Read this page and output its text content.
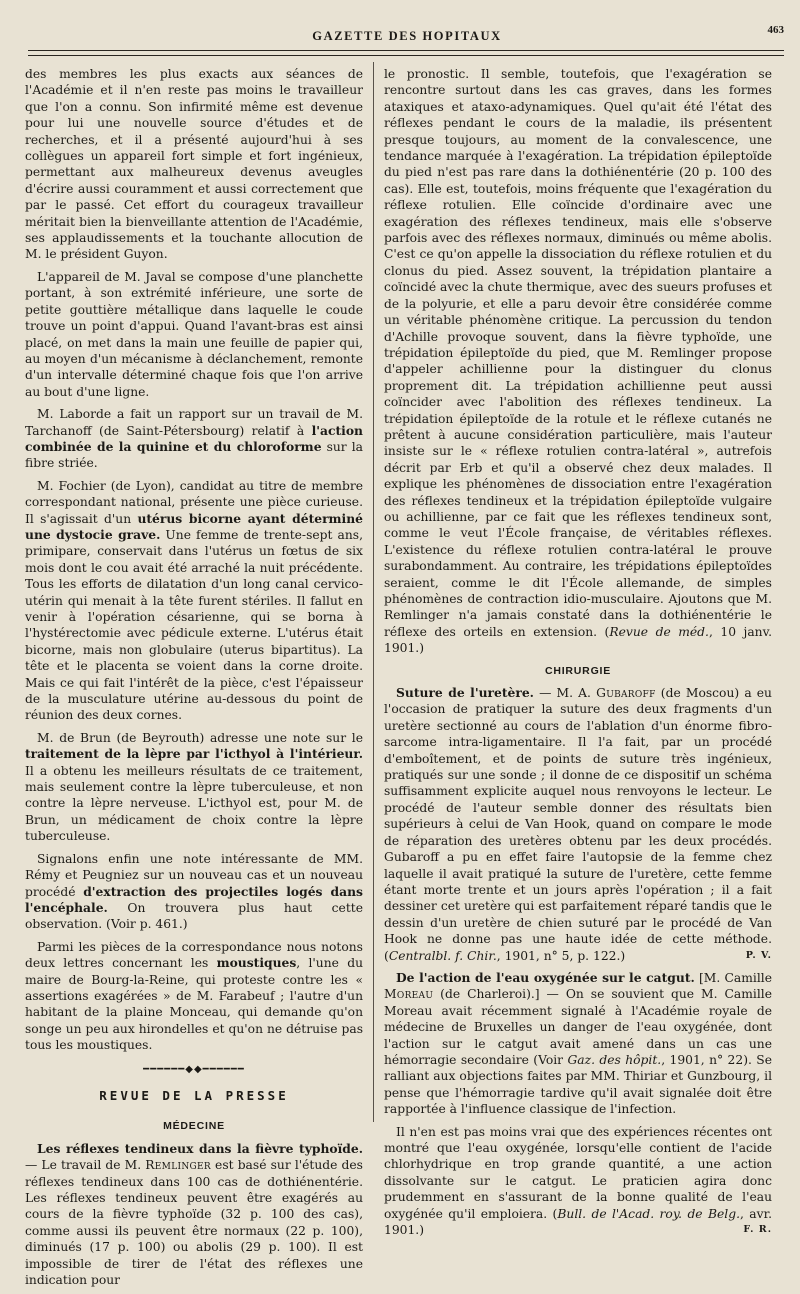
GAZETTE DES HOPITAUX	463

des membres les plus exacts aux séances de l'Académie et il n'en reste pas moins le travailleur que l'on a connu. Son infirmité même est devenue pour lui une nouvelle source d'études et de recherches, et il a présenté aujourd'hui à ses collègues un appareil fort simple et fort ingénieux, permettant aux malheureux devenus aveugles d'écrire aussi couramment et aussi correctement que par le passé. Cet effort du courageux travailleur méritait bien la bienveillante attention de l'Académie, ses applaudissements et la touchante allocution de M. le président Guyon.

L'appareil de M. Javal se compose d'une planchette portant, à son extrémité inférieure, une sorte de petite gouttière métallique dans laquelle le coude trouve un point d'appui. Quand l'avant-bras est ainsi placé, on met dans la main une feuille de papier qui, au moyen d'un mécanisme à déclanchement, remonte d'un intervalle déterminé chaque fois que l'on arrive au bout d'une ligne.

M. Laborde a fait un rapport sur un travail de M. Tarchanoff (de Saint-Pétersbourg) relatif à l'action combinée de la quinine et du chloroforme sur la fibre striée.

M. Fochier (de Lyon), candidat au titre de membre correspondant national, présente une pièce curieuse. Il s'agissait d'un utérus bicorne ayant déterminé une dystocie grave. Une femme de trente-sept ans, primipare, conservait dans l'utérus un fœtus de six mois dont le cou avait été arraché la nuit précédente. Tous les efforts de dilatation d'un long canal cervico-utérin qui menait à la tête furent stériles. Il fallut en venir à l'opération césarienne, qui se borna à l'hystérectomie avec pédicule externe. L'utérus était bicorne, mais non globulaire (uterus bipartitus). La tête et le placenta se voient dans la corne droite. Mais ce qui fait l'intérêt de la pièce, c'est l'épaisseur de la musculature utérine au-dessous du point de réunion des deux cornes.

M. de Brun (de Beyrouth) adresse une note sur le traitement de la lèpre par l'icthyol à l'intérieur. Il a obtenu les meilleurs résultats de ce traitement, mais seulement contre la lèpre tuberculeuse, et non contre la lèpre nerveuse. L'icthyol est, pour M. de Brun, un médicament de choix contre la lèpre tuberculeuse.

Signalons enfin une note intéressante de MM. Rémy et Peugniez sur un nouveau cas et un nouveau procédé d'extraction des projectiles logés dans l'encéphale. On trouvera plus haut cette observation. (Voir p. 461.)

Parmi les pièces de la correspondance nous notons deux lettres concernant les moustiques, l'une du maire de Bourg-la-Reine, qui proteste contre les « assertions exagérées » de M. Farabeuf ; l'autre d'un habitant de la plaine Monceau, qui demande qu'on songe un peu aux hirondelles et qu'on ne détruise pas tous les moustiques.

━━━━━━◆◆━━━━━━
REVUE DE LA PRESSE
MÉDECINE

Les réflexes tendineux dans la fièvre typhoïde. — Le travail de M. Remlinger est basé sur l'étude des réflexes tendineux dans 100 cas de dothiénentérie. Les réflexes tendineux peuvent être exagérés au cours de la fièvre typhoïde (32 p. 100 des cas), comme aussi ils peuvent être normaux (22 p. 100), diminués (17 p. 100) ou abolis (29 p. 100). Il est impossible de tirer de l'état des réflexes une indication pour

le pronostic. Il semble, toutefois, que l'exagération se rencontre surtout dans les cas graves, dans les formes ataxiques et ataxo-adynamiques. Quel qu'ait été l'état des réflexes pendant le cours de la maladie, ils présentent presque toujours, au moment de la convalescence, une tendance marquée à l'exagération. La trépidation épileptoïde du pied n'est pas rare dans la dothiénentérie (20 p. 100 des cas). Elle est, toutefois, moins fréquente que l'exagération du réflexe rotulien. Elle coïncide d'ordinaire avec une exagération des réflexes tendineux, mais elle s'observe parfois avec des réflexes normaux, diminués ou même abolis. C'est ce qu'on appelle la dissociation du réflexe rotulien et du clonus du pied. Assez souvent, la trépidation plantaire a coïncidé avec la chute thermique, avec des sueurs profuses et de la polyurie, et elle a paru devoir être considérée comme un véritable phénomène critique. La percussion du tendon d'Achille provoque souvent, dans la fièvre typhoïde, une trépidation épileptoïde du pied, que M. Remlinger propose d'appeler achillienne pour la distinguer du clonus proprement dit. La trépidation achillienne peut aussi coïncider avec l'abolition des réflexes tendineux. La trépidation épileptoïde de la rotule et le réflexe cutanés ne prêtent à aucune considération particulière, mais l'auteur insiste sur le « réflexe rotulien contra-latéral », autrefois décrit par Erb et qu'il a observé chez deux malades. Il explique les phénomènes de dissociation entre l'exagération des réflexes tendineux et la trépidation épileptoïde vulgaire ou achillienne, par ce fait que les réflexes tendineux sont, comme le veut l'École française, de véritables réflexes. L'existence du réflexe rotulien contra-latéral le prouve surabondamment. Au contraire, les trépidations épileptoïdes seraient, comme le dit l'École allemande, de simples phénomènes de contraction idio-musculaire. Ajoutons que M. Remlinger n'a jamais constaté dans la dothiénentérie le réflexe des orteils en extension. (Revue de méd., 10 janv. 1901.)

CHIRURGIE

Suture de l'uretère. — M. A. Gubaroff (de Moscou) a eu l'occasion de pratiquer la suture des deux fragments d'un uretère sectionné au cours de l'ablation d'un énorme fibro-sarcome intra-ligamentaire. Il l'a fait, par un procédé d'emboîtement, et de points de suture très ingénieux, pratiqués sur une sonde ; il donne de ce dispositif un schéma suffisamment explicite auquel nous renvoyons le lecteur. Le procédé de l'auteur semble donner des résultats bien supérieurs à celui de Van Hook, quand on compare le mode de réparation des uretères obtenu par les deux procédés. Gubaroff a pu en effet faire l'autopsie de la femme chez laquelle il avait pratiqué la suture de l'uretère, cette femme étant morte trente et un jours après l'opération ; il a fait dessiner cet uretère qui est parfaitement réparé tandis que le dessin d'un uretère de chien suturé par le procédé de Van Hook ne donne pas une haute idée de cette méthode. (Centralbl. f. Chir., 1901, n° 5, p. 122.)	P. V.

De l'action de l'eau oxygénée sur le catgut. [M. Camille Moreau (de Charleroi).] — On se souvient que M. Camille Moreau avait récemment signalé à l'Académie royale de médecine de Bruxelles un danger de l'eau oxygénée, dont l'action sur le catgut avait amené dans un cas une hémorragie secondaire (Voir Gaz. des hôpit., 1901, n° 22). Se ralliant aux objections faites par MM. Thiriar et Gunzbourg, il pense que l'hémorragie tardive qu'il avait signalée doit être rapportée à l'influence classique de l'infection.

Il n'en est pas moins vrai que des expériences récentes ont montré que l'eau oxygénée, lorsqu'elle contient de l'acide chlorhydrique en trop grande quantité, a une action dissolvante sur le catgut. Le praticien agira donc prudemment en s'assurant de la bonne qualité de l'eau oxygénée qu'il emploiera. (Bull. de l'Acad. roy. de Belg., avr. 1901.)	F. R.
